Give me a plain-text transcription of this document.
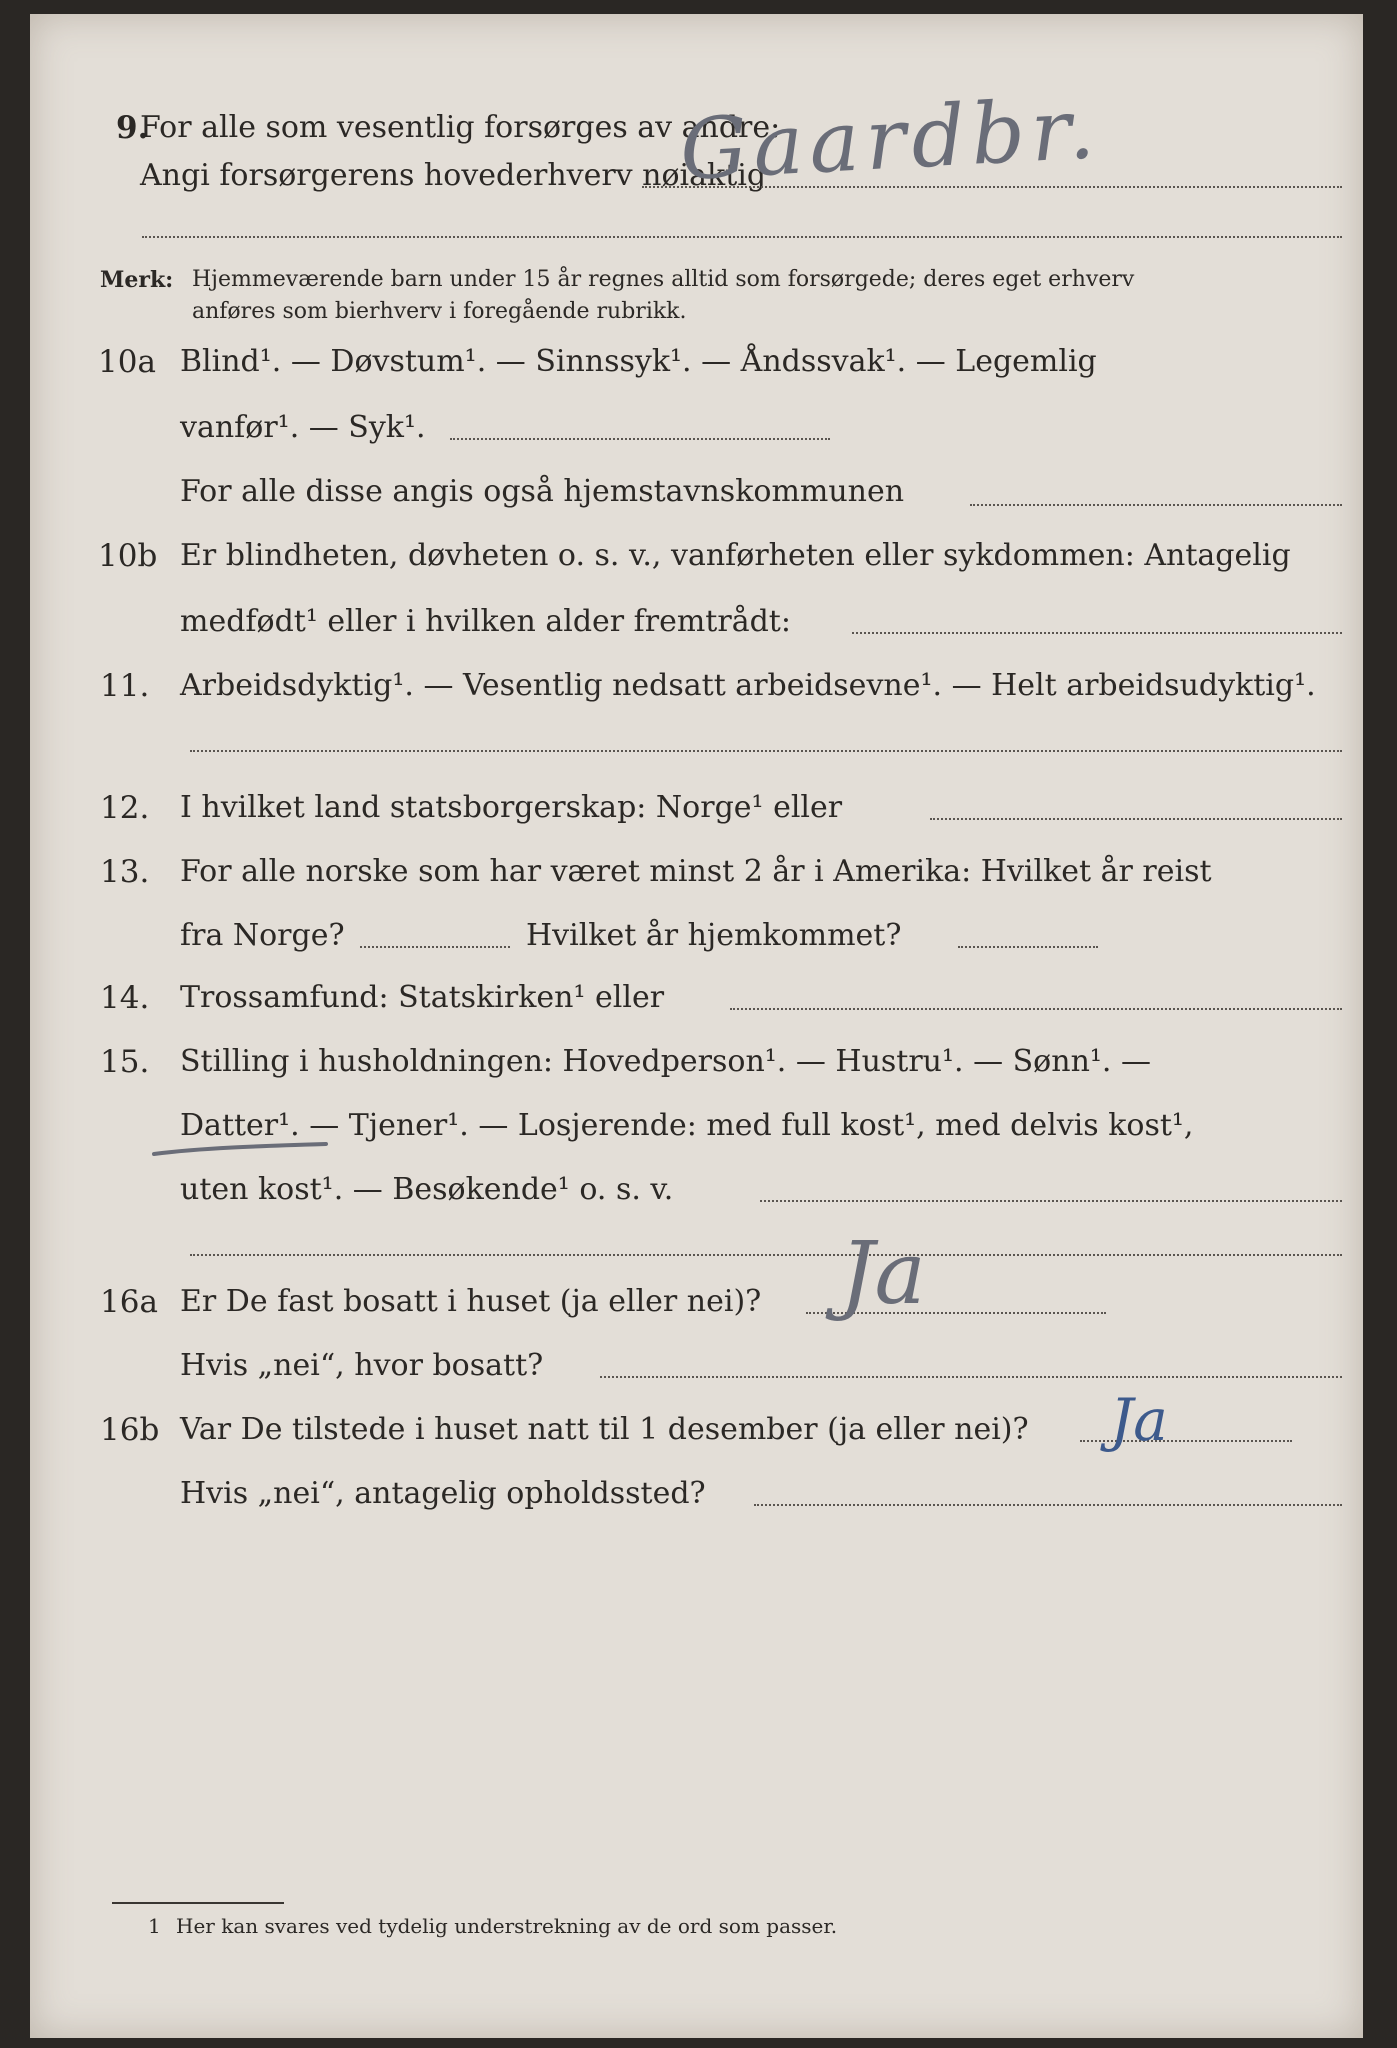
9.
For alle som vesentlig forsørges av andre:
Angi forsørgerens hovederhverv nøiaktig
Gaardbr.
Merk: Hjemmeværende barn under 15 år regnes alltid som forsørgede; deres eget erhverv
anføres som bierhverv i foregående rubrikk.
10a Blind¹. — Døvstum¹. — Sinnssyk¹. — Åndssvak¹. — Legemlig
vanfør¹. — Syk¹.
For alle disse angis også hjemstavnskommunen
10b Er blindheten, døvheten o. s. v., vanførheten eller sykdommen: Antagelig
medfødt¹ eller i hvilken alder fremtrådt:
11. Arbeidsdyktig¹. — Vesentlig nedsatt arbeidsevne¹. — Helt arbeidsudyktig¹.
12. I hvilket land statsborgerskap: Norge¹ eller
13. For alle norske som har været minst 2 år i Amerika: Hvilket år reist
fra Norge?	Hvilket år hjemkommet?
14. Trossamfund: Statskirken¹ eller
15. Stilling i husholdningen: Hovedperson¹. — Hustru¹. — Sønn¹. —
Datter¹. — Tjener¹. — Losjerende: med full kost¹, med delvis kost¹,
uten kost¹. — Besøkende¹ o. s. v.
16a Er De fast bosatt i huset (ja eller nei)? Ja
Hvis „nei“, hvor bosatt?
16b Var De tilstede i huset natt til 1 desember (ja eller nei)? Ja
Hvis „nei“, antagelig opholdssted?
1 Her kan svares ved tydelig understrekning av de ord som passer.
